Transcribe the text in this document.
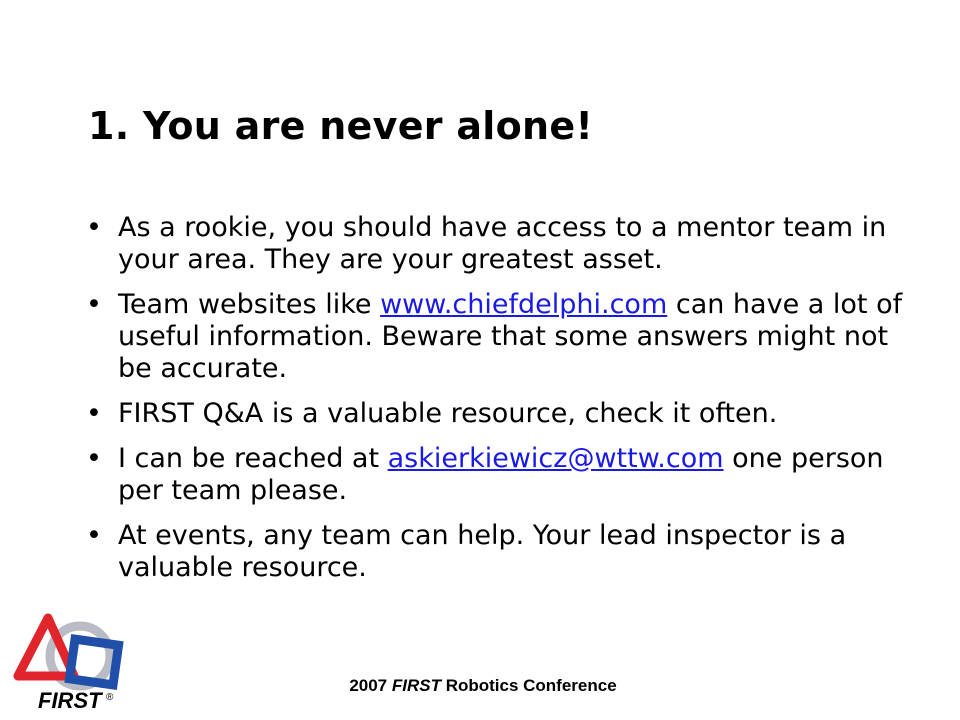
1. You are never alone!
• As a rookie, you should have access to a mentor team in your area. They are your greatest asset.
• Team websites like www.chiefdelphi.com can have a lot of useful information. Beware that some answers might not be accurate.
• FIRST Q&A is a valuable resource, check it often.
• I can be reached at askierkiewicz@wttw.com one person per team please.
• At events, any team can help. Your lead inspector is a valuable resource.
FIRST ®
2007 FIRST Robotics Conference
